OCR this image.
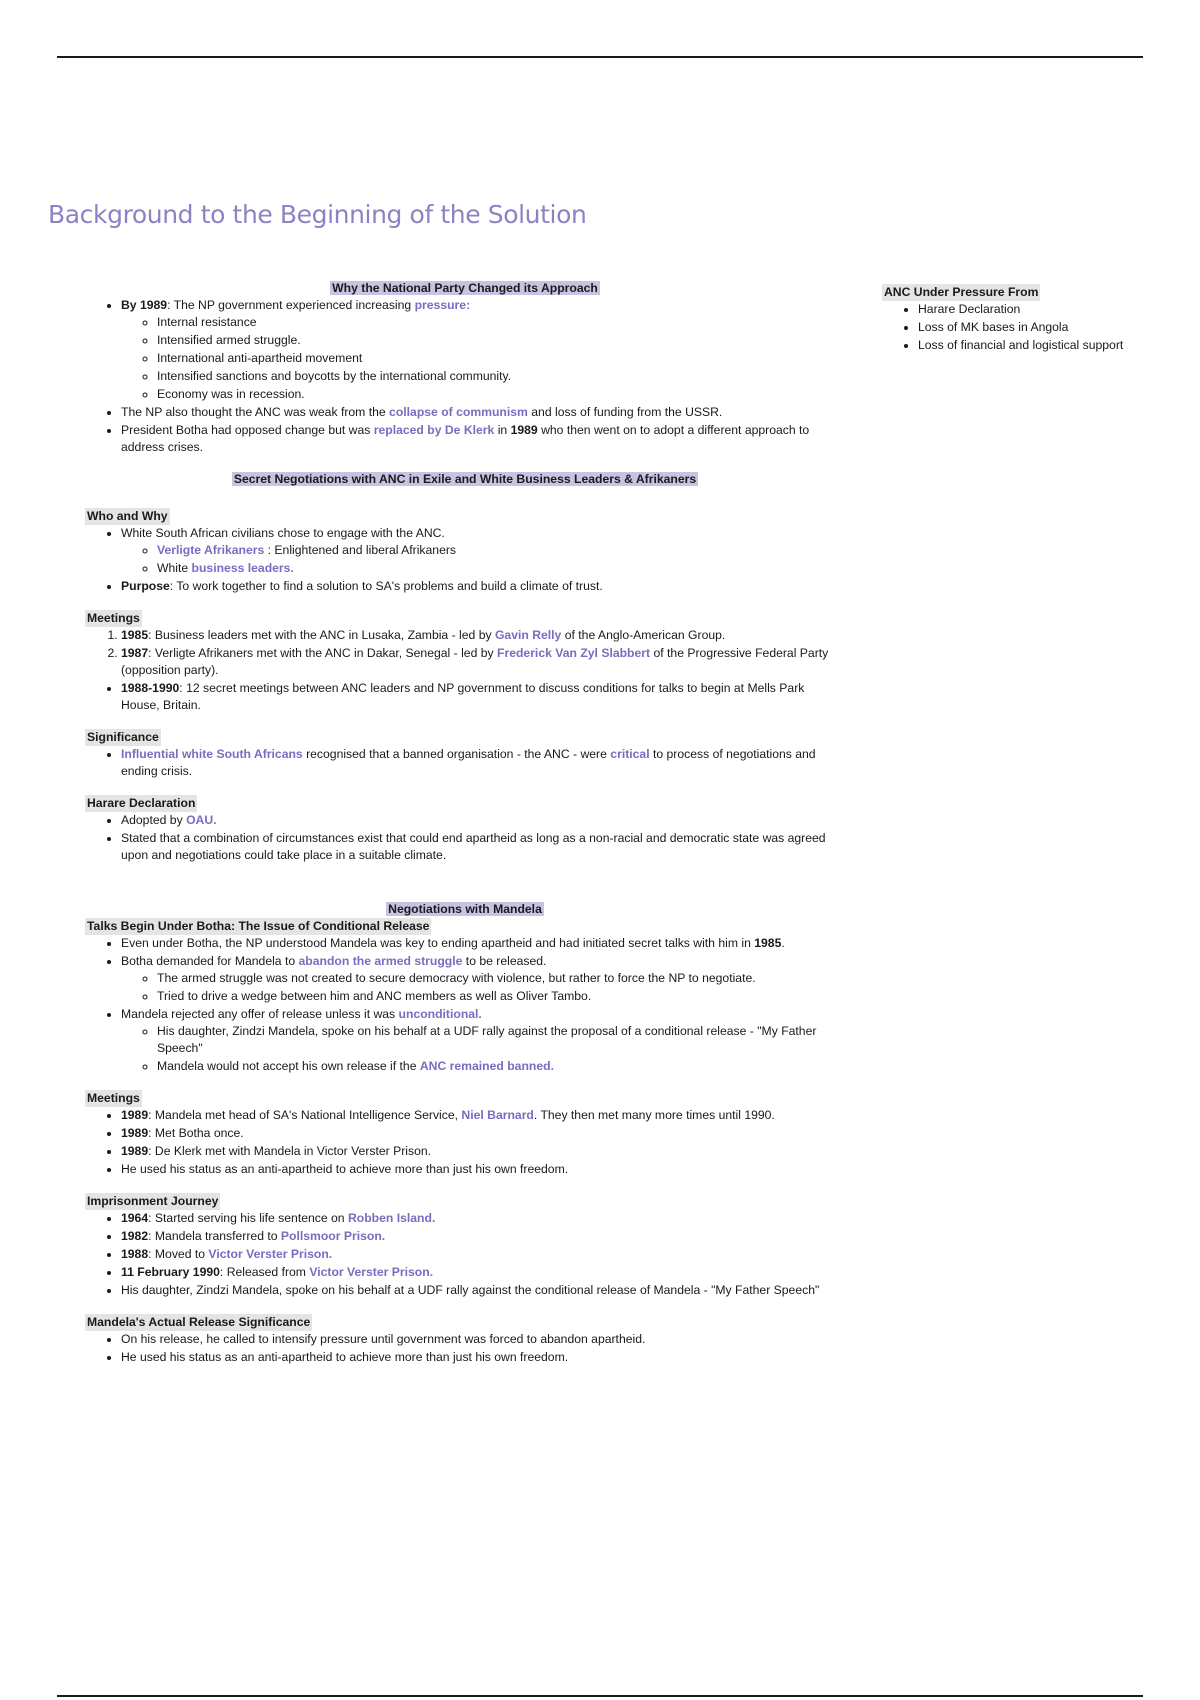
Background to the Beginning of the Solution

Why the National Party Changed its Approach

• By 1989: The NP government experienced increasing pressure:
◦ Internal resistance
◦ Intensified armed struggle.
◦ International anti-apartheid movement
◦ Intensified sanctions and boycotts by the international community.
◦ Economy was in recession.
• The NP also thought the ANC was weak from the collapse of communism and loss of funding from the USSR.
• President Botha had opposed change but was replaced by De Klerk in 1989 who then went on to adopt a different approach to address crises.

Secret Negotiations with ANC in Exile and White Business Leaders & Afrikaners

Who and Why

• White South African civilians chose to engage with the ANC.
◦ Verligte Afrikaners : Enlightened and liberal Afrikaners
◦ White business leaders.
• Purpose: To work together to find a solution to SA's problems and build a climate of trust.

Meetings

1. 1985: Business leaders met with the ANC in Lusaka, Zambia - led by Gavin Relly of the Anglo-American Group.
2. 1987: Verligte Afrikaners met with the ANC in Dakar, Senegal - led by Frederick Van Zyl Slabbert of the Progressive Federal Party (opposition party).
• 1988-1990: 12 secret meetings between ANC leaders and NP government to discuss conditions for talks to begin at Mells Park House, Britain.

Significance

• Influential white South Africans recognised that a banned organisation - the ANC - were critical to process of negotiations and ending crisis.

Harare Declaration

• Adopted by OAU.
• Stated that a combination of circumstances exist that could end apartheid as long as a non-racial and democratic state was agreed upon and negotiations could take place in a suitable climate.

Negotiations with Mandela

Talks Begin Under Botha: The Issue of Conditional Release

• Even under Botha, the NP understood Mandela was key to ending apartheid and had initiated secret talks with him in 1985.
• Botha demanded for Mandela to abandon the armed struggle to be released.
◦ The armed struggle was not created to secure democracy with violence, but rather to force the NP to negotiate.
◦ Tried to drive a wedge between him and ANC members as well as Oliver Tambo.
• Mandela rejected any offer of release unless it was unconditional.
◦ His daughter, Zindzi Mandela, spoke on his behalf at a UDF rally against the proposal of a conditional release - "My Father Speech"
◦ Mandela would not accept his own release if the ANC remained banned.

Meetings

• 1989: Mandela met head of SA's National Intelligence Service, Niel Barnard. They then met many more times until 1990.
• 1989: Met Botha once.
• 1989: De Klerk met with Mandela in Victor Verster Prison.
• He used his status as an anti-apartheid to achieve more than just his own freedom.

Imprisonment Journey

• 1964: Started serving his life sentence on Robben Island.
• 1982: Mandela transferred to Pollsmoor Prison.
• 1988: Moved to Victor Verster Prison.
• 11 February 1990: Released from Victor Verster Prison.
• His daughter, Zindzi Mandela, spoke on his behalf at a UDF rally against the conditional release of Mandela - "My Father Speech"

Mandela's Actual Release Significance

• On his release, he called to intensify pressure until government was forced to abandon apartheid.
• He used his status as an anti-apartheid to achieve more than just his own freedom.

ANC Under Pressure From

• Harare Declaration
• Loss of MK bases in Angola
• Loss of financial and logistical support
